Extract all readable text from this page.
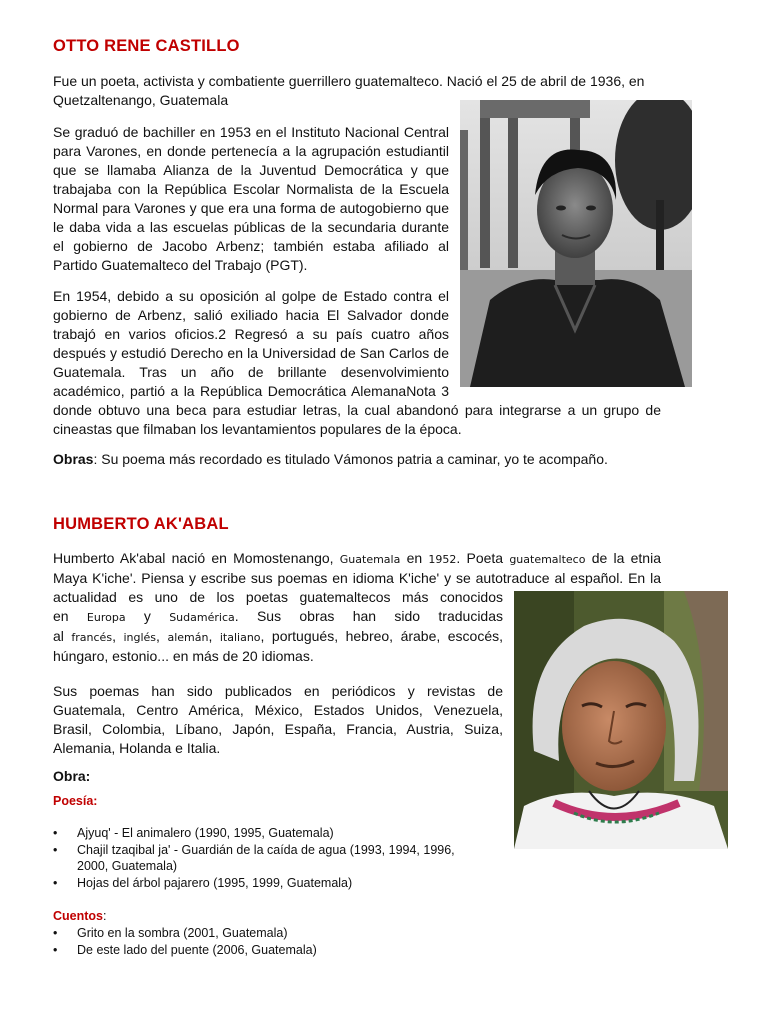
OTTO RENE CASTILLO

Fue un poeta, activista y combatiente guerrillero guatemalteco. Nació el 25 de abril de 1936, en Quetzaltenango, Guatemala

Se graduó de bachiller en 1953 en el Instituto Nacional Central para Varones, en donde pertenecía a la agrupación estudiantil que se llamaba Alianza de la Juventud Democrática y que trabajaba con la República Escolar Normalista de la Escuela Normal para Varones y que era una forma de autogobierno que le daba vida a las escuelas públicas de la secundaria durante el gobierno de Jacobo Arbenz; también estaba afiliado al Partido Guatemalteco del Trabajo (PGT).

En 1954, debido a su oposición al golpe de Estado contra el

gobierno de Arbenz, salió exiliado hacia El Salvador donde

trabajó en varios oficios.2 Regresó a su país cuatro años

después y estudió Derecho en la Universidad de San Carlos de

Guatemala. Tras un año de brillante desenvolvimiento

académico, partió a la República Democrática AlemanaNota 3

donde obtuvo una beca para estudiar letras, la cual abandonó para integrarse a un grupo de

cineastas que filmaban los levantamientos populares de la época.

Obras: Su poema más recordado es titulado Vámonos patria a caminar, yo te acompaño.

HUMBERTO AK'ABAL

Humberto Ak'abal nació en Momostenango, Guatemala en 1952. Poeta guatemalteco de la etnia

Maya K'iche'. Piensa y escribe sus poemas en idioma K'iche' y se autotraduce al español. En la

actualidad es uno de los poetas guatemaltecos más conocidos

en Europa y Sudamérica. Sus obras han sido traducidas

al francés, inglés, alemán, italiano, portugués, hebreo, árabe, escocés,

húngaro, estonio... en más de 20 idiomas.

Sus poemas han sido publicados en periódicos y revistas de Guatemala, Centro América, México, Estados Unidos, Venezuela, Brasil, Colombia, Líbano, Japón, España, Francia, Austria, Suiza, Alemania, Holanda e Italia.

Obra:

Poesía:

• Ajyuq' - El animalero (1990, 1995, Guatemala)

• Chajil tzaqibal ja' - Guardián de la caída de agua (1993, 1994, 1996, 2000, Guatemala)

• Hojas del árbol pajarero (1995, 1999, Guatemala)

Cuentos:

• Grito en la sombra (2001, Guatemala)

• De este lado del puente (2006, Guatemala)
